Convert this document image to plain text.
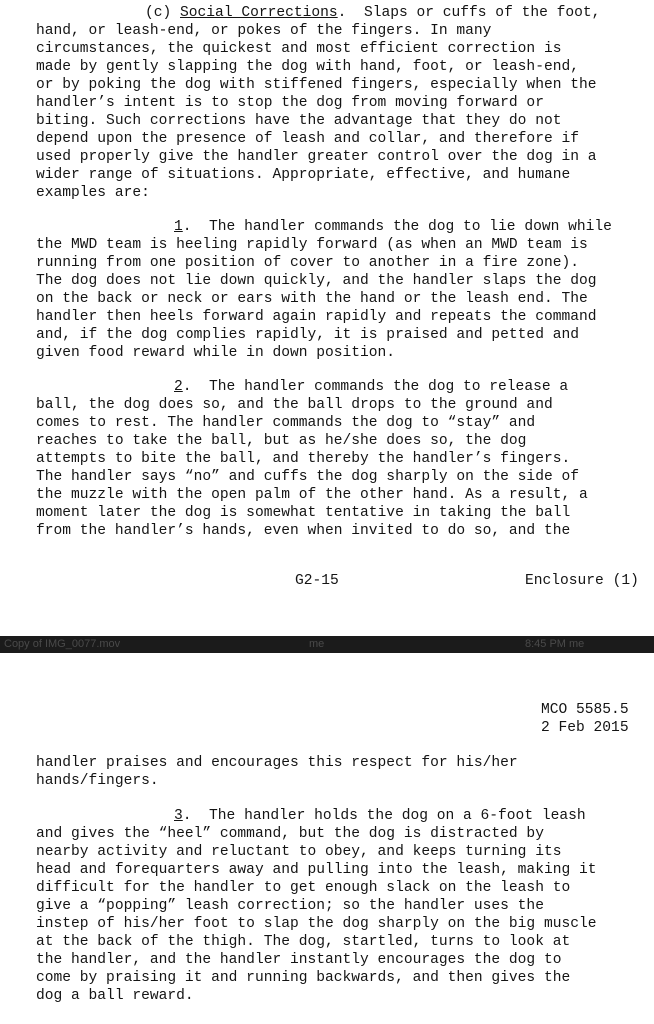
(c) Social Corrections.  Slaps or cuffs of the foot,
hand, or leash-end, or pokes of the fingers. In many
circumstances, the quickest and most efficient correction is
made by gently slapping the dog with hand, foot, or leash-end,
or by poking the dog with stiffened fingers, especially when the
handler’s intent is to stop the dog from moving forward or
biting. Such corrections have the advantage that they do not
depend upon the presence of leash and collar, and therefore if
used properly give the handler greater control over the dog in a
wider range of situations. Appropriate, effective, and humane
examples are:
1.  The handler commands the dog to lie down while
the MWD team is heeling rapidly forward (as when an MWD team is
running from one position of cover to another in a fire zone).
The dog does not lie down quickly, and the handler slaps the dog
on the back or neck or ears with the hand or the leash end. The
handler then heels forward again rapidly and repeats the command
and, if the dog complies rapidly, it is praised and petted and
given food reward while in down position.
2.  The handler commands the dog to release a
ball, the dog does so, and the ball drops to the ground and
comes to rest. The handler commands the dog to “stay” and
reaches to take the ball, but as he/she does so, the dog
attempts to bite the ball, and thereby the handler’s fingers.
The handler says “no” and cuffs the dog sharply on the side of
the muzzle with the open palm of the other hand. As a result, a
moment later the dog is somewhat tentative in taking the ball
from the handler’s hands, even when invited to do so, and the
G2-15	Enclosure (1)
Copy of IMG_0077.mov	me	8:45 PM me
MCO 5585.5
2 Feb 2015
handler praises and encourages this respect for his/her
hands/fingers.
3.  The handler holds the dog on a 6-foot leash
and gives the “heel” command, but the dog is distracted by
nearby activity and reluctant to obey, and keeps turning its
head and forequarters away and pulling into the leash, making it
difficult for the handler to get enough slack on the leash to
give a “popping” leash correction; so the handler uses the
instep of his/her foot to slap the dog sharply on the big muscle
at the back of the thigh. The dog, startled, turns to look at
the handler, and the handler instantly encourages the dog to
come by praising it and running backwards, and then gives the
dog a ball reward.
